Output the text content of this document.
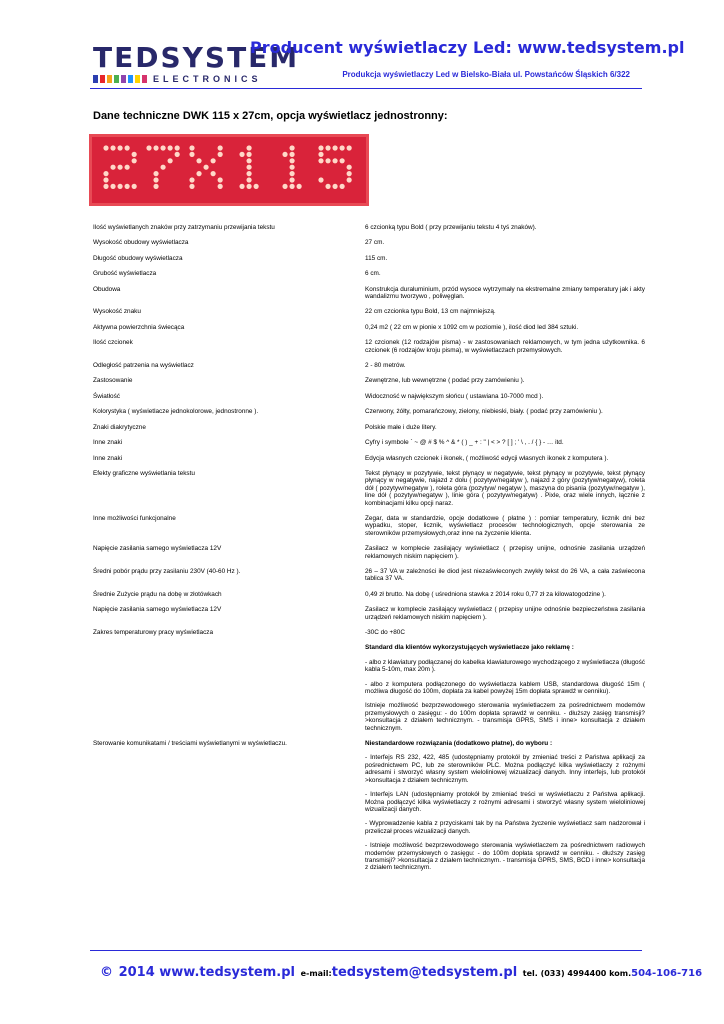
TEDSYSTEM
ELECTRONICS
Producent wyświetlaczy Led: www.tedsystem.pl
Produkcja wyświetlaczy Led w Bielsko-Biała ul. Powstańców Śląskich 6/322
Dane techniczne DWK 115 x 27cm, opcja wyświetlacz jednostronny:
Ilość wyświetlanych znaków przy zatrzymaniu przewijania tekstu	6 czcionką typu Bold ( przy przewijaniu tekstu 4 tyś znaków).

Wysokość obudowy wyświetlacza	27 cm.

Długość obudowy wyświetlacza	115 cm.

Grubość wyświetlacza	6 cm.

Obudowa	Konstrukcja duraluminium, przód wysoce wytrzymały na ekstremalne zmiany temperatury jak i akty wandalizmu tworzywo , poliwęglan.

Wysokość znaku	22 cm czcionka typu Bold, 13 cm najmniejszą.

Aktywna powierzchnia świecąca	0,24 m2 ( 22 cm w pionie x 1092 cm w poziomie ), ilość diod led 384 sztuki.

Ilość czcionek	12 czcionek (12 rodzajów pisma) - w zastosowaniach reklamowych, w tym jedna użytkownika. 6 czcionek (6 rodzajów kroju pisma), w wyświetlaczach przemysłowych.

Odległość patrzenia na wyświetlacz	2 - 80 metrów.

Zastosowanie	Zewnętrzne, lub wewnętrzne ( podać przy zamówieniu ).

Światłość	Widoczność w największym słońcu ( ustawiana 10-7000 mcd ).

Kolorystyka ( wyświetlacze jednokolorowe, jednostronne ).	Czerwony, żółty, pomarańczowy, zielony, niebieski, biały. ( podać przy zamówieniu ).

Znaki diakrytyczne	Polskie małe i duże litery.

Inne znaki	Cyfry i symbole ` ~ @ # $ % ^ & * ( ) _ + : " | < > ? [ ] ; ' \ , . / { } - … itd.

Inne znaki	Edycja własnych czcionek i ikonek, ( możliwość edycji własnych ikonek z komputera ).

Efekty graficzne wyświetlania tekstu	Tekst płynący w pozytywie, tekst płynący w negatywie, tekst płynący w pozytywie, tekst płynący płynący w negatywie, najazd z dołu ( pozytyw/negatyw ), najazd z góry (pozytyw/negatyw), roleta dół ( pozytyw/negatyw ), roleta góra (pozytyw/ negatyw ), maszyna do pisania (pozytyw/negatyw ), line dół ( pozytyw/negatyw ), linie góra ( pozytyw/negatyw) . Pixle, oraz wiele innych, łącznie z kombinacjami kilku opcji naraz.

Inne możliwości funkcjonalne	Zegar, data w standardzie, opcje dodatkowe ( płatne ) : pomiar temperatury, licznik dni bez wypadku, stoper, licznik, wyświetlacz procesów technologicznych, opcje sterowania ze sterowników przemysłowych,oraz inne na życzenie klienta.

Napięcie zasilania samego wyświetlacza 12V	Zasilacz w komplecie zasilający wyświetlacz ( przepisy unijne, odnośnie zasilania urządzeń reklamowych niskim napięciem ).

Średni pobór prądu przy zasilaniu 230V (40-60 Hz ).	26 – 37 VA w zależności ile diod jest niezaświeconych zwykły tekst do 26 VA, a cała zaświecona tablica 37 VA.

Średnie Zużycie prądu na dobę w złotówkach	0,49 zł brutto. Na dobę ( uśredniona stawka z 2014 roku 0,77 zł za kilowatogodzine ).

Napięcie zasilania samego wyświetlacza 12V	Zasilacz w komplecie zasilający wyświetlacz ( przepisy unijne odnośnie bezpieczeństwa zasilania urządzeń reklamowych niskim napięciem ).

Zakres temperaturowy pracy wyświetlacza	-30C do +80C

Standard dla klientów wykorzystujących wyświetlacze jako reklamę :

- albo z klawiatury podłączanej do kabelka klawiaturowego wychodzącego z wyświetlacza (długość kabla 5-10m, max 20m ).

- albo z komputera podłączonego do wyświetlacza kablem USB, standardowa długość 15m ( możliwa długość do 100m, dopłata za kabel powyżej 15m dopłata sprawdź w cenniku).

Istnieje możliwość bezprzewodowego sterowania wyświetlaczem za pośrednictwem modemów przemysłowych o zasięgu: - do 100m dopłata sprawdź w cenniku. - dłuższy zasięg transmisji? >konsultacja z działem technicznym. - transmisja GPRS, SMS i inne> konsultacja z działem technicznym.

Sterowanie komunikatami / treściami wyświetlanymi w wyświetlaczu.	Niestandardowe rozwiązania (dodatkowo płatne), do wyboru :

- Interfejs RS 232, 422, 485 (udostępniamy protokół by zmieniać treści z Państwa aplikacji za pośrednictwem PC, lub ze sterowników PLC. Można podłączyć kilka wyświetlaczy z rożnymi adresami i stworzyć własny system wieloliniowej wizualizacji danych. Inny interfejs, lub protokół >konsultacja z działem technicznym.

- Interfejs LAN (udostępniamy protokół by zmieniać treści w wyświetlaczu z Państwa aplikacji. Można podłączyć kilka wyświetlaczy z rożnymi adresami i stworzyć własny system wieloliniowej wizualizacji danych.

- Wyprowadzenie kabla z przyciskami tak by na Państwa życzenie wyświetlacz sam nadzorował i przeliczał proces wizualizacji danych.

- Istnieje możliwość bezprzewodowego sterowania wyświetlaczem za pośrednictwem radiowych modemów przemysłowych o zasięgu: - do 100m dopłata sprawdź w cenniku. - dłuższy zasięg transmisji? >konsultacja z działem technicznym. - transmisja GPRS, SMS, BCD i inne> konsultacja z działem technicznym.

© 2014 www.tedsystem.pl e-mail:tedsystem@tedsystem.pl tel. (033) 4994400 kom.504-106-716
